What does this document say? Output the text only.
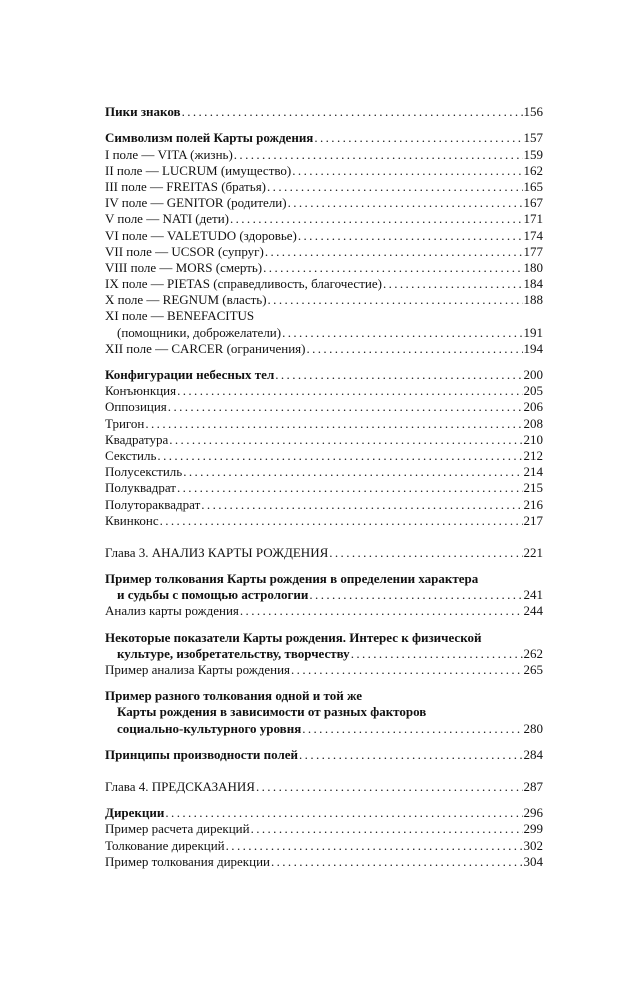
Пики знаков .....	156
Символизм полей Карты рождения .....	157
I поле — VITA (жизнь) .....	159
II поле — LUCRUM (имущество) .....	162
III поле — FREITAS (братья) .....	165
IV поле — GENITOR (родители) .....	167
V поле — NATI (дети) .....	171
VI поле — VALETUDO (здоровье) .....	174
VII поле — UCSOR (супруг) .....	177
VIII поле — MORS (смерть) .....	180
IX поле — PIETAS (справедливость, благочестие) .....	184
X поле — REGNUM (власть) .....	188
XI поле — BENEFACITUS
(помощники, доброжелатели) .....	191
XII поле — CARCER (ограничения) .....	194
Конфигурации небесных тел .....	200
Конъюнкция .....	205
Оппозиция .....	206
Тригон .....	208
Квадратура .....	210
Секстиль .....	212
Полусекстиль .....	214
Полуквадрат .....	215
Полутораквадрат .....	216
Квинконс .....	217
Глава 3. АНАЛИЗ КАРТЫ РОЖДЕНИЯ .....	221
Пример толкования Карты рождения в определении характера
и судьбы с помощью астрологии .....	241
Анализ карты рождения .....	244
Некоторые показатели Карты рождения. Интерес к физической
культуре, изобретательству, творчеству .....	262
Пример анализа Карты рождения .....	265
Пример разного толкования одной и той же
Карты рождения в зависимости от разных факторов
социально-культурного уровня .....	280
Принципы производности полей .....	284
Глава 4. ПРЕДСКАЗАНИЯ .....	287
Дирекции .....	296
Пример расчета дирекций .....	299
Толкование дирекций .....	302
Пример толкования дирекции .....	304
